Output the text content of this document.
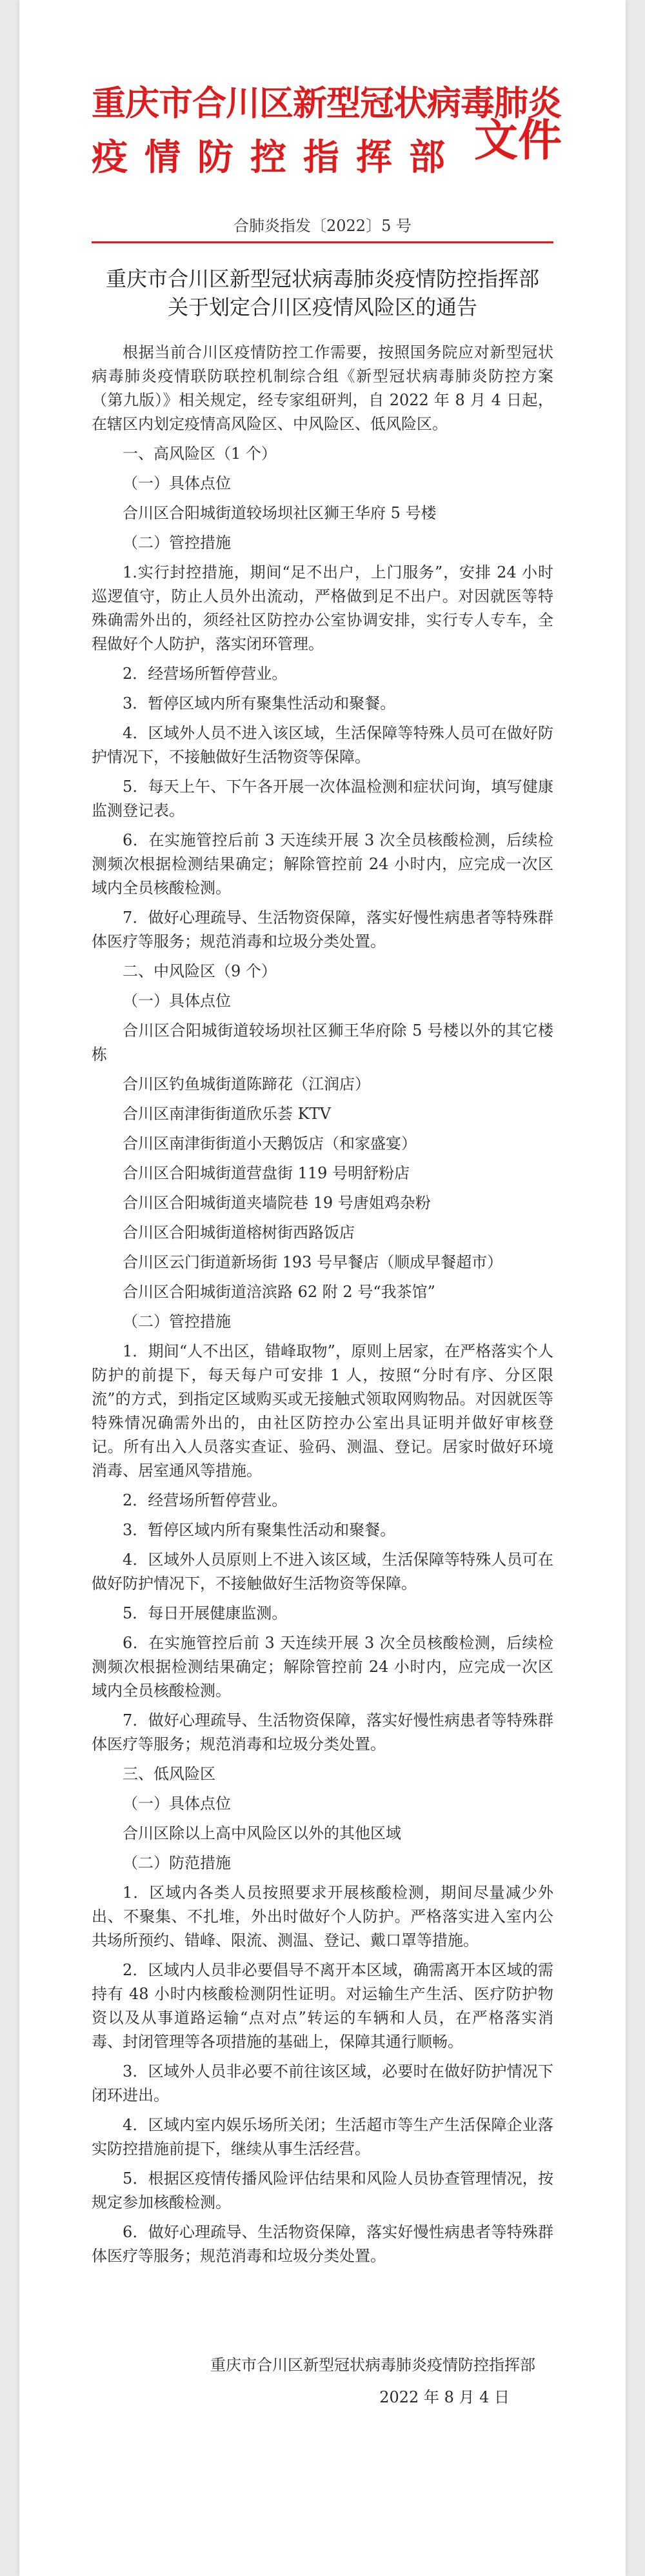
重庆市合川区新型冠状病毒肺炎
疫情防控指挥部 文件
合肺炎指发〔2022〕5 号
重庆市合川区新型冠状病毒肺炎疫情防控指挥部
关于划定合川区疫情风险区的通告

根据当前合川区疫情防控工作需要，按照国务院应对新型冠状病毒肺炎疫情联防联控机制综合组《新型冠状病毒肺炎防控方案（第九版）》相关规定，经专家组研判，自 2022 年 8 月 4 日起，在辖区内划定疫情高风险区、中风险区、低风险区。

一、高风险区（1 个）

（一）具体点位

合川区合阳城街道较场坝社区狮王华府 5 号楼

（二）管控措施

1.实行封控措施，期间“足不出户，上门服务”，安排 24 小时巡逻值守，防止人员外出流动，严格做到足不出户。对因就医等特殊确需外出的，须经社区防控办公室协调安排，实行专人专车，全程做好个人防护，落实闭环管理。

2．经营场所暂停营业。

3．暂停区域内所有聚集性活动和聚餐。

4．区域外人员不进入该区域，生活保障等特殊人员可在做好防护情况下，不接触做好生活物资等保障。

5．每天上午、下午各开展一次体温检测和症状问询，填写健康监测登记表。

6．在实施管控后前 3 天连续开展 3 次全员核酸检测，后续检测频次根据检测结果确定；解除管控前 24 小时内，应完成一次区域内全员核酸检测。

7．做好心理疏导、生活物资保障，落实好慢性病患者等特殊群体医疗等服务；规范消毒和垃圾分类处置。

二、中风险区（9 个）

（一）具体点位

合川区合阳城街道较场坝社区狮王华府除 5 号楼以外的其它楼栋

合川区钓鱼城街道陈蹄花（江润店）

合川区南津街街道欣乐荟 KTV

合川区南津街街道小天鹅饭店（和家盛宴）

合川区合阳城街道营盘街 119 号明舒粉店

合川区合阳城街道夹墙院巷 19 号唐姐鸡杂粉

合川区合阳城街道榕树街西路饭店

合川区云门街道新场街 193 号早餐店（顺成早餐超市）

合川区合阳城街道涪滨路 62 附 2 号“我茶馆”

（二）管控措施

1．期间“人不出区，错峰取物”，原则上居家，在严格落实个人防护的前提下，每天每户可安排 1 人，按照“分时有序、分区限流”的方式，到指定区域购买或无接触式领取网购物品。对因就医等特殊情况确需外出的，由社区防控办公室出具证明并做好审核登记。所有出入人员落实查证、验码、测温、登记。居家时做好环境消毒、居室通风等措施。

2．经营场所暂停营业。

3．暂停区域内所有聚集性活动和聚餐。

4．区域外人员原则上不进入该区域，生活保障等特殊人员可在做好防护情况下，不接触做好生活物资等保障。

5．每日开展健康监测。

6．在实施管控后前 3 天连续开展 3 次全员核酸检测，后续检测频次根据检测结果确定；解除管控前 24 小时内，应完成一次区域内全员核酸检测。

7．做好心理疏导、生活物资保障，落实好慢性病患者等特殊群体医疗等服务；规范消毒和垃圾分类处置。

三、低风险区

（一）具体点位

合川区除以上高中风险区以外的其他区域

（二）防范措施

1．区域内各类人员按照要求开展核酸检测，期间尽量减少外出、不聚集、不扎堆，外出时做好个人防护。严格落实进入室内公共场所预约、错峰、限流、测温、登记、戴口罩等措施。

2．区域内人员非必要倡导不离开本区域，确需离开本区域的需持有 48 小时内核酸检测阴性证明。对运输生产生活、医疗防护物资以及从事道路运输“点对点”转运的车辆和人员，在严格落实消毒、封闭管理等各项措施的基础上，保障其通行顺畅。

3．区域外人员非必要不前往该区域，必要时在做好防护情况下闭环进出。

4．区域内室内娱乐场所关闭；生活超市等生产生活保障企业落实防控措施前提下，继续从事生活经营。

5．根据区疫情传播风险评估结果和风险人员协查管理情况，按规定参加核酸检测。

6．做好心理疏导、生活物资保障，落实好慢性病患者等特殊群体医疗等服务；规范消毒和垃圾分类处置。

重庆市合川区新型冠状病毒肺炎疫情防控指挥部
2022 年 8 月 4 日
